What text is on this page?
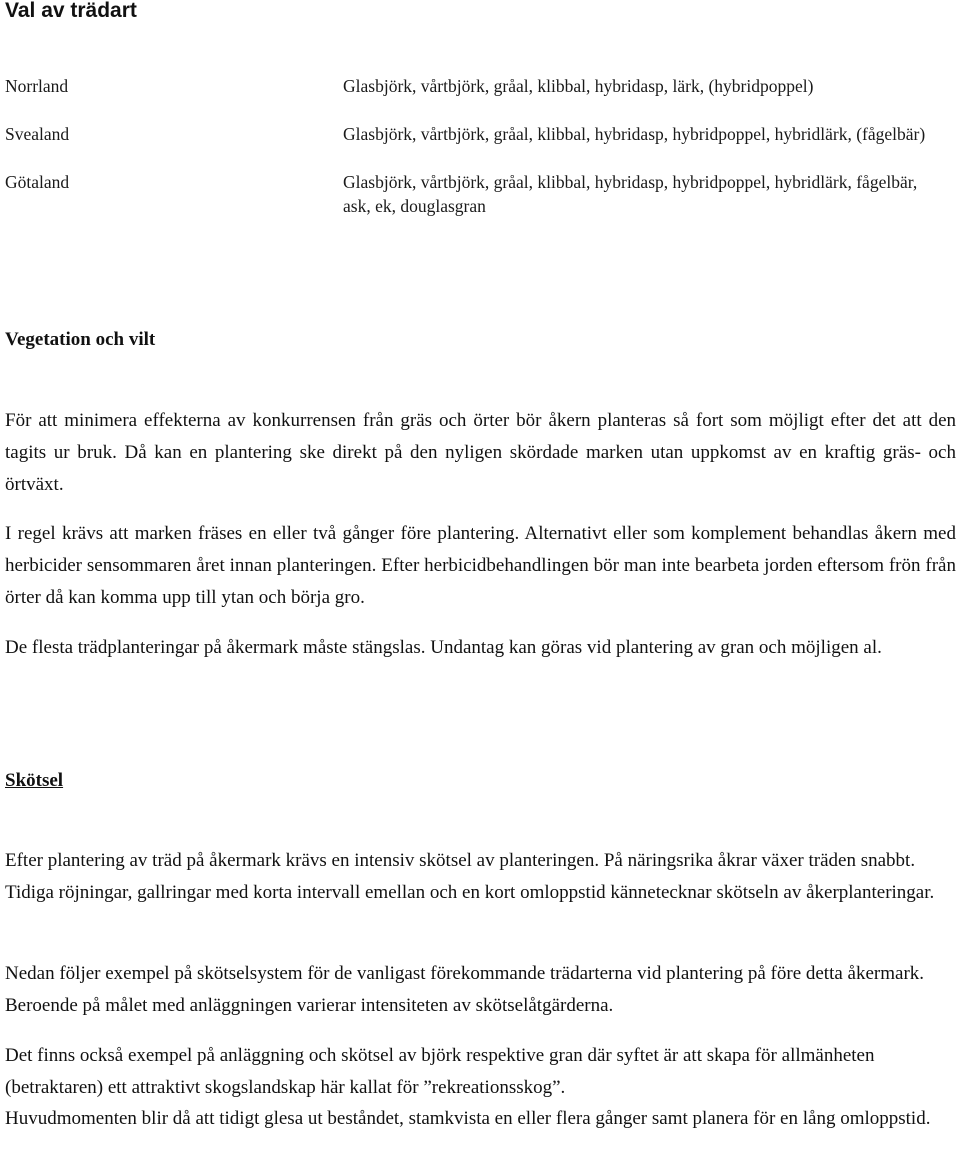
Val av trädart
Norrland	Glasbjörk, vårtbjörk, gråal, klibbal, hybridasp, lärk, (hybridpoppel)
Svealand	Glasbjörk, vårtbjörk, gråal, klibbal, hybridasp, hybridpoppel, hybridlärk, (fågelbär)
Götaland	Glasbjörk, vårtbjörk, gråal, klibbal, hybridasp, hybridpoppel, hybridlärk, fågelbär, ask, ek, douglasgran
Vegetation och vilt

För att minimera effekterna av konkurrensen från gräs och örter bör åkern planteras så fort som möjligt efter det att den tagits ur bruk. Då kan en plantering ske direkt på den nyligen skördade marken utan uppkomst av en kraftig gräs- och örtväxt.

I regel krävs att marken fräses en eller två gånger före plantering. Alternativt eller som komplement behandlas åkern med herbicider sensommaren året innan planteringen. Efter herbicidbehandlingen bör man inte bearbeta jorden eftersom frön från örter då kan komma upp till ytan och börja gro.

De flesta trädplanteringar på åkermark måste stängslas. Undantag kan göras vid plantering av gran och möjligen al.

Skötsel

Efter plantering av träd på åkermark krävs en intensiv skötsel av planteringen. På näringsrika åkrar växer träden snabbt. Tidiga röjningar, gallringar med korta intervall emellan och en kort omloppstid kännetecknar skötseln av åkerplanteringar.

Nedan följer exempel på skötselsystem för de vanligast förekommande trädarterna vid plantering på före detta åkermark. Beroende på målet med anläggningen varierar intensiteten av skötselåtgärderna.

Det finns också exempel på anläggning och skötsel av björk respektive gran där syftet är att skapa för allmänheten (betraktaren) ett attraktivt skogslandskap här kallat för ”rekreationsskog”.

Huvudmomenten blir då att tidigt glesa ut beståndet, stamkvista en eller flera gånger samt planera för en lång omloppstid.
